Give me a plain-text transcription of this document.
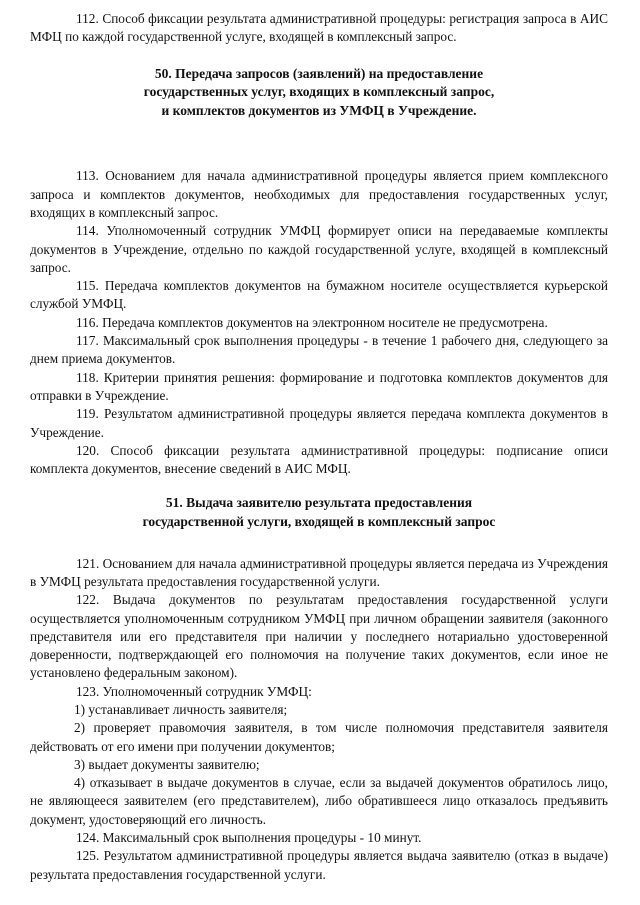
112. Способ фиксации результата административной процедуры: регистрация запроса в АИС МФЦ по каждой государственной услуге, входящей в комплексный запрос.

50. Передача запросов (заявлений) на предоставление
государственных услуг, входящих в комплексный запрос,
и комплектов документов из УМФЦ в Учреждение.

113. Основанием для начала административной процедуры является прием комплексного запроса и комплектов документов, необходимых для предоставления государственных услуг, входящих в комплексный запрос.

114. Уполномоченный сотрудник УМФЦ формирует описи на передаваемые комплекты документов в Учреждение, отдельно по каждой государственной услуге, входящей в комплексный запрос.

115. Передача комплектов документов на бумажном носителе осуществляется курьерской службой УМФЦ.

116. Передача комплектов документов на электронном носителе не предусмотрена.

117. Максимальный срок выполнения процедуры - в течение 1 рабочего дня, следующего за днем приема документов.

118. Критерии принятия решения: формирование и подготовка комплектов документов для отправки в Учреждение.

119. Результатом административной процедуры является передача комплекта документов в Учреждение.

120. Способ фиксации результата административной процедуры: подписание описи комплекта документов, внесение сведений в АИС МФЦ.

51. Выдача заявителю результата предоставления
государственной услуги, входящей в комплексный запрос

121. Основанием для начала административной процедуры является передача из Учреждения в УМФЦ результата предоставления государственной услуги.

122. Выдача документов по результатам предоставления государственной услуги осуществляется уполномоченным сотрудником УМФЦ при личном обращении заявителя (законного представителя или его представителя при наличии у последнего нотариально удостоверенной доверенности, подтверждающей его полномочия на получение таких документов, если иное не установлено федеральным законом).

123. Уполномоченный сотрудник УМФЦ:

1) устанавливает личность заявителя;

2) проверяет правомочия заявителя, в том числе полномочия представителя заявителя действовать от его имени при получении документов;

3) выдает документы заявителю;

4) отказывает в выдаче документов в случае, если за выдачей документов обратилось лицо, не являющееся заявителем (его представителем), либо обратившееся лицо отказалось предъявить документ, удостоверяющий его личность.

124. Максимальный срок выполнения процедуры - 10 минут.

125. Результатом административной процедуры является выдача заявителю (отказ в выдаче) результата предоставления государственной услуги.
